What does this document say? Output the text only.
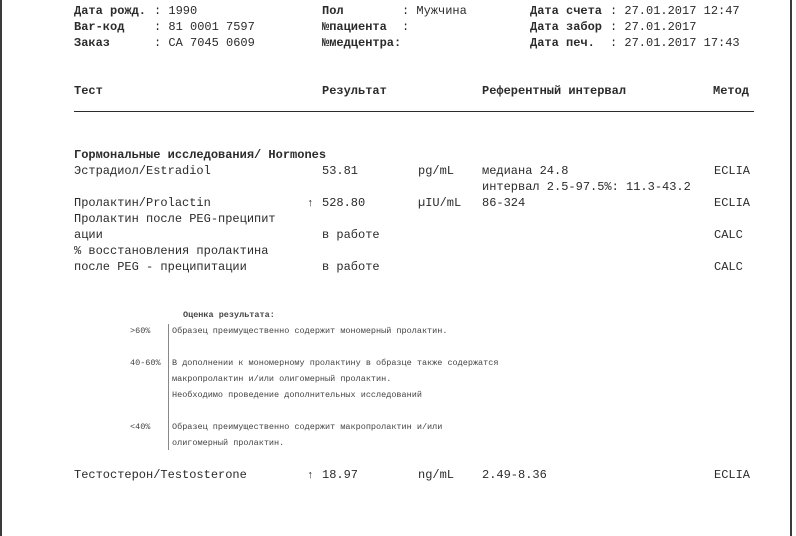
Дата рожд. : 1990
Bar-код : 81 0001 7597
Заказ	: CA 7045 0609
Пол	: Мужчина
№пациента :
№медцентра:
Дата счета : 27.01.2017 12:47
Дата забор : 27.01.2017
Дата печ. : 27.01.2017 17:43
Тест	Результат	Референтный интервал	Метод
Гормональные исследования/ Hormones
Эстрадиол/Estradiol	53.81	pg/mL медиана 24.8	ECLIA
интервал 2.5-97.5%: 11.3-43.2
Пролактин/Prolactin	↑ 528.80	µIU/mL 86-324	ECLIA
Пролактин после PEG-преципит
ации	в работе	CALC
% восстановления пролактина
после PEG - преципитации	в работе	CALC
Оценка результата:
>60%	Образец преимущественно содержит мономерный пролактин.
40-60% В дополнении к мономерному пролактину в образце также содержатся
макропролактин и/или олигомерный пролактин.
Необходимо проведение дополнительных исследований
<40%	Образец преимущественно содержит макропролактин и/или
олигомерный пролактин.
Тестостерон/Testosterone	↑ 18.97	ng/mL 2.49-8.36	ECLIA
